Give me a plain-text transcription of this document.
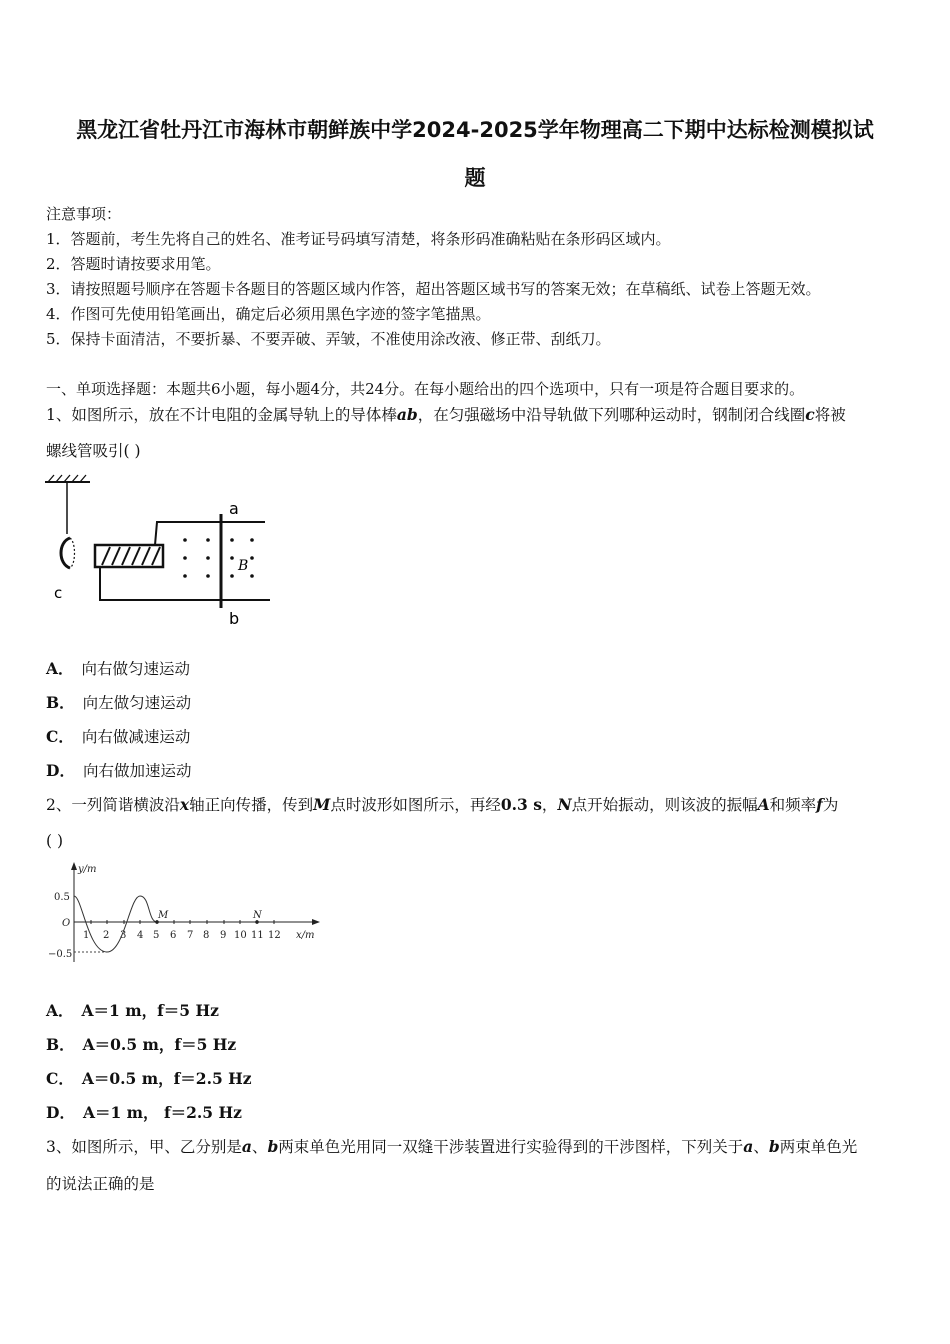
黑龙江省牡丹江市海林市朝鲜族中学2024-2025学年物理高二下期中达标检测模拟试
题
注意事项：
1．答题前，考生先将自己的姓名、准考证号码填写清楚，将条形码准确粘贴在条形码区域内。
2．答题时请按要求用笔。
3．请按照题号顺序在答题卡各题目的答题区域内作答，超出答题区域书写的答案无效；在草稿纸、试卷上答题无效。
4．作图可先使用铅笔画出，确定后必须用黑色字迹的签字笔描黑。
5．保持卡面清洁，不要折暴、不要弄破、弄皱，不准使用涂改液、修正带、刮纸刀。
一、单项选择题：本题共6小题，每小题4分，共24分。在每小题给出的四个选项中，只有一项是符合题目要求的。
1、如图所示，放在不计电阻的金属导轨上的导体棒ab，在匀强磁场中沿导轨做下列哪种运动时，钢制闭合线圈c将被
螺线管吸引( )
c
a
b
B
A． 向右做匀速运动
B． 向左做匀速运动
C． 向右做减速运动
D． 向右做加速运动
2、一列简谐横波沿x轴正向传播，传到M点时波形如图所示，再经0.3 s，N点开始振动，则该波的振幅A和频率f为
( )
y/m
x/m
O
0.5
−0.5
1 2 3 4 5 6 7 8 9 10 11 12
M	N
A． A＝1 m，f＝5 Hz
B． A＝0.5 m，f＝5 Hz
C． A＝0.5 m，f＝2.5 Hz
D． A＝1 m， f＝2.5 Hz
3、如图所示，甲、乙分别是a、b两束单色光用同一双缝干涉装置进行实验得到的干涉图样，下列关于a、b两束单色光
的说法正确的是
